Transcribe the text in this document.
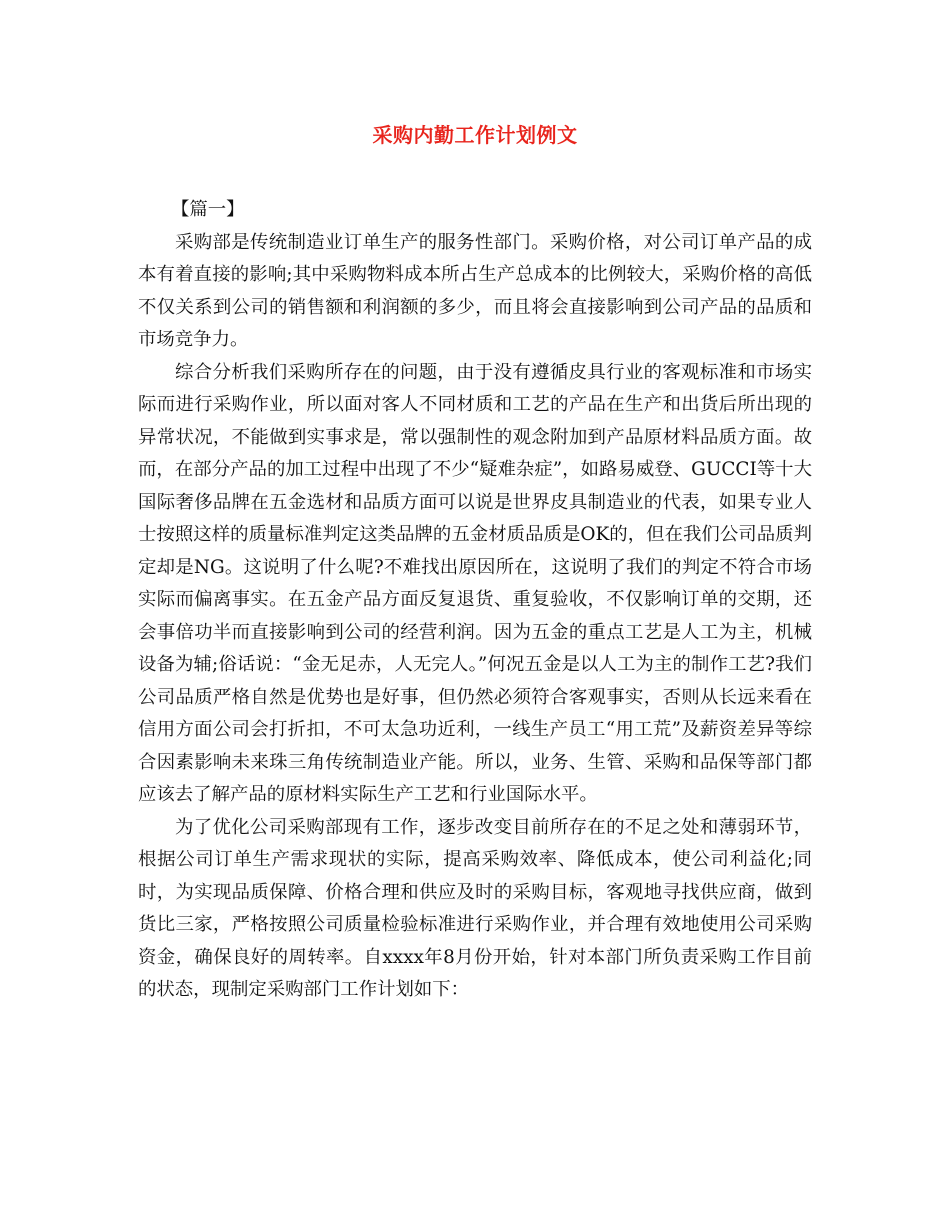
采购内勤工作计划例文

【篇一】

采购部是传统制造业订单生产的服务性部门。采购价格，对公司订单产品的成本有着直接的影响;其中采购物料成本所占生产总成本的比例较大，采购价格的高低不仅关系到公司的销售额和利润额的多少，而且将会直接影响到公司产品的品质和市场竞争力。

综合分析我们采购所存在的问题，由于没有遵循皮具行业的客观标准和市场实际而进行采购作业，所以面对客人不同材质和工艺的产品在生产和出货后所出现的异常状况，不能做到实事求是，常以强制性的观念附加到产品原材料品质方面。故而，在部分产品的加工过程中出现了不少“疑难杂症”，如路易威登、GUCCI等十大国际奢侈品牌在五金选材和品质方面可以说是世界皮具制造业的代表，如果专业人士按照这样的质量标准判定这类品牌的五金材质品质是OK的，但在我们公司品质判定却是NG。这说明了什么呢?不难找出原因所在，这说明了我们的判定不符合市场实际而偏离事实。在五金产品方面反复退货、重复验收，不仅影响订单的交期，还会事倍功半而直接影响到公司的经营利润。因为五金的重点工艺是人工为主，机械设备为辅;俗话说：“金无足赤，人无完人。”何况五金是以人工为主的制作工艺?我们公司品质严格自然是优势也是好事，但仍然必须符合客观事实，否则从长远来看在信用方面公司会打折扣，不可太急功近利，一线生产员工“用工荒”及薪资差异等综合因素影响未来珠三角传统制造业产能。所以，业务、生管、采购和品保等部门都应该去了解产品的原材料实际生产工艺和行业国际水平。

为了优化公司采购部现有工作，逐步改变目前所存在的不足之处和薄弱环节，根据公司订单生产需求现状的实际，提高采购效率、降低成本，使公司利益化;同时，为实现品质保障、价格合理和供应及时的采购目标，客观地寻找供应商，做到货比三家，严格按照公司质量检验标准进行采购作业，并合理有效地使用公司采购资金，确保良好的周转率。自xxxx年8月份开始，针对本部门所负责采购工作目前的状态，现制定采购部门工作计划如下：
